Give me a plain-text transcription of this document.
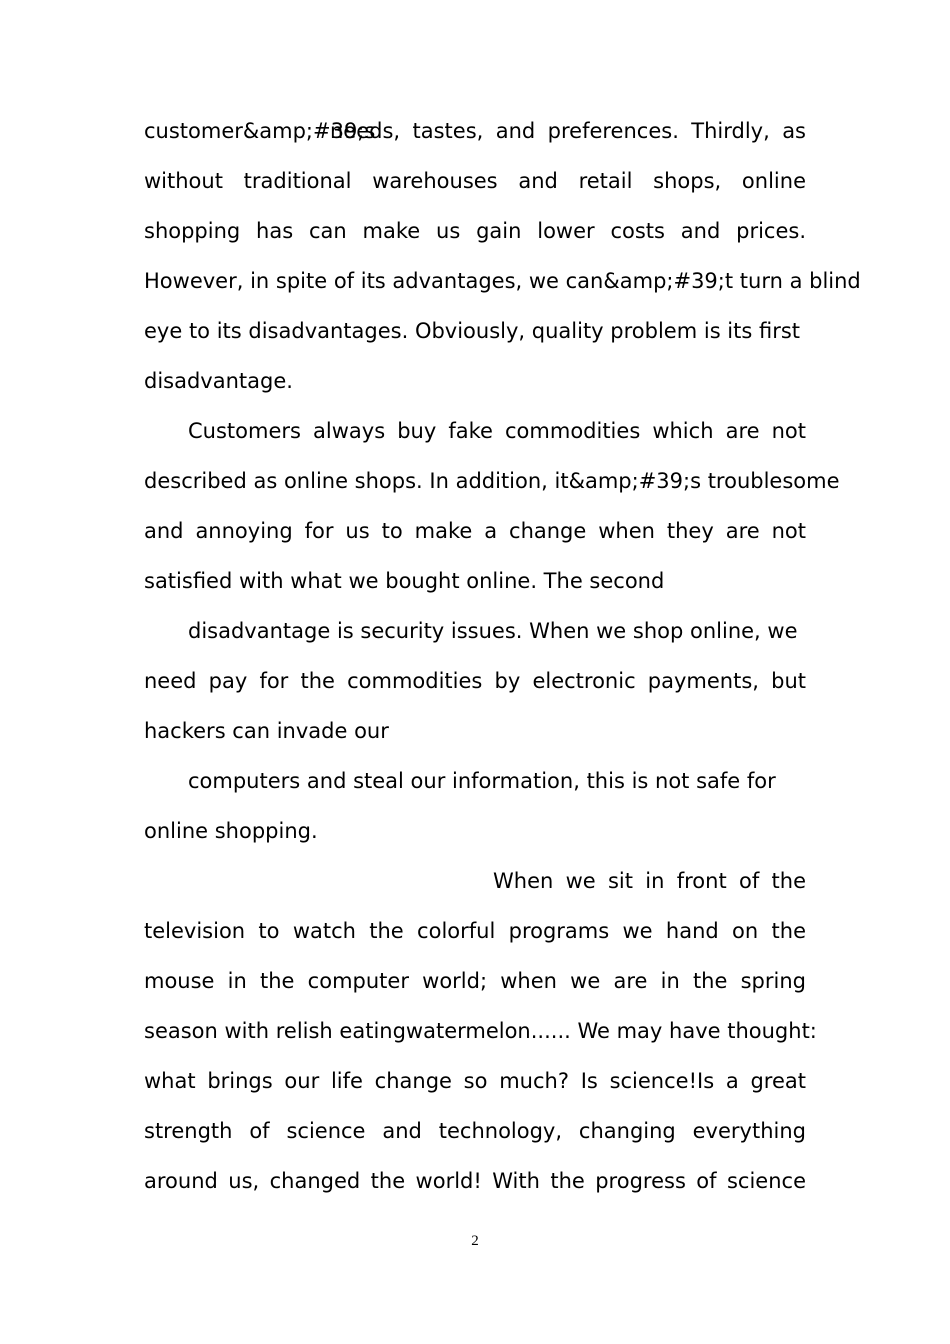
customer&amp;#39;s
needs, tastes, and preferences. Thirdly, as
without traditional warehouses and retail shops, online
shopping has can make us gain lower costs and prices.
However, in spite of its advantages, we can&amp;#39;t turn a blind
eye to its disadvantages. Obviously, quality problem is its first
disadvantage.
Customers always buy fake commodities which are not
described as online shops. In addition, it&amp;#39;s troublesome
and annoying for us to make a change when they are not
satisfied with what we bought online. The second
disadvantage is security issues. When we shop online, we
need pay for the commodities by electronic payments, but
hackers can invade our
computers and steal our information, this is not safe for
online shopping.
When we sit in front of the
television to watch the colorful programs we hand on the
mouse in the computer world; when we are in the spring
season with relish eatingwatermelon...... We may have thought:
what brings our life change so much? Is science!Is a great
strength of science and technology, changing everything
around us, changed the world! With the progress of science
2
